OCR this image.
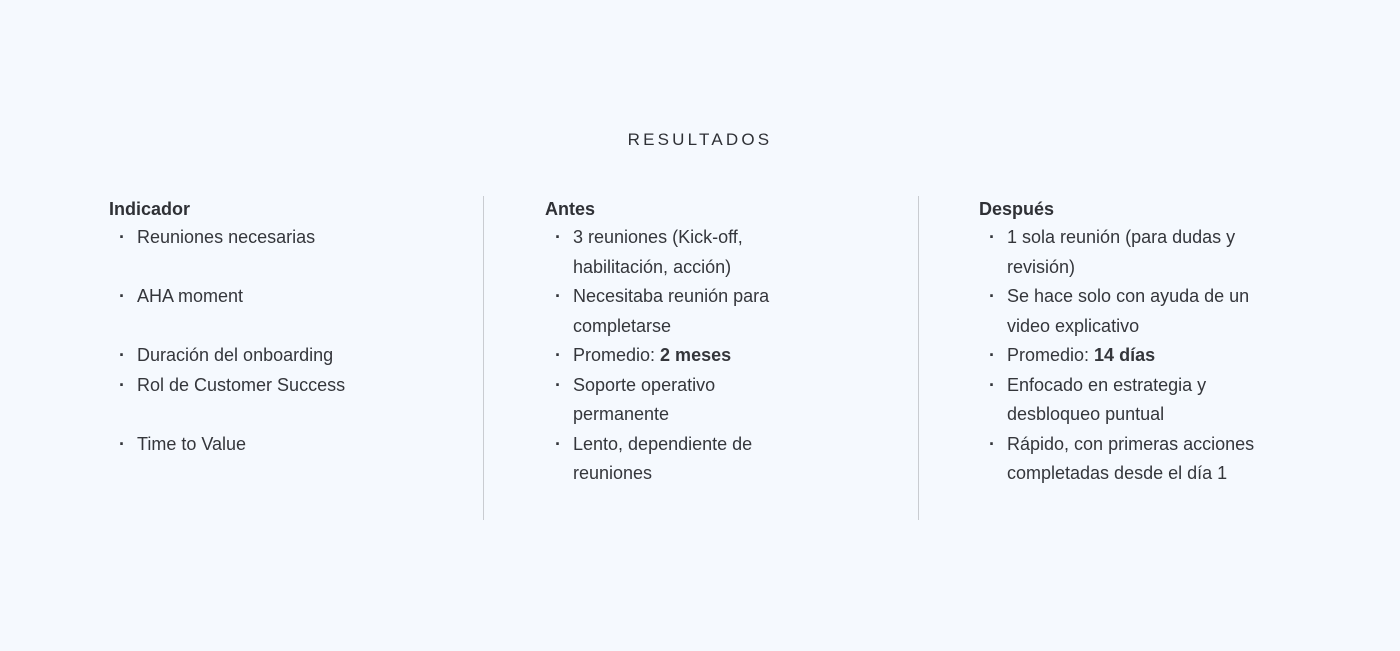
RESULTADOS
Indicador
· Reuniones necesarias
· AHA moment
· Duración del onboarding
· Rol de Customer Success
· Time to Value
Antes
· 3 reuniones (Kick-off, habilitación, acción)
· Necesitaba reunión para completarse
· Promedio: 2 meses
· Soporte operativo permanente
· Lento, dependiente de reuniones
Después
· 1 sola reunión (para dudas y revisión)
· Se hace solo con ayuda de un video explicativo
· Promedio: 14 días
· Enfocado en estrategia y desbloqueo puntual
· Rápido, con primeras acciones completadas desde el día 1
